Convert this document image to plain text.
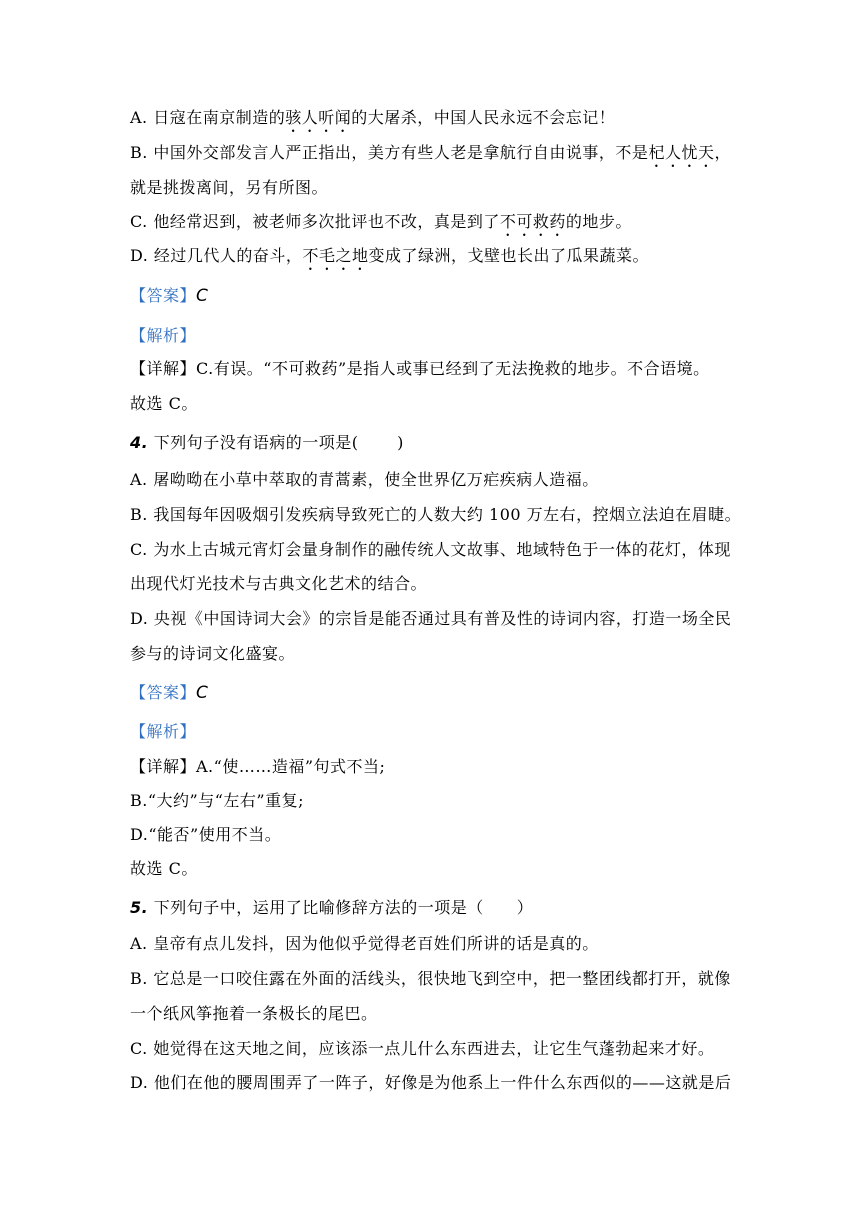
A. 日寇在南京制造的骇人听闻的大屠杀，中国人民永远不会忘记！
B. 中国外交部发言人严正指出，美方有些人老是拿航行自由说事，不是杞人忧天，
就是挑拨离间，另有所图。
C. 他经常迟到，被老师多次批评也不改，真是到了不可救药的地步。
D. 经过几代人的奋斗，不毛之地变成了绿洲，戈壁也长出了瓜果蔬菜。
【答案】C
【解析】
【详解】C.有误。“不可救药”是指人或事已经到了无法挽救的地步。不合语境。
故选 C。
4. 下列句子没有语病的一项是(　　 )
A. 屠呦呦在小草中萃取的青蒿素，使全世界亿万疟疾病人造福。
B. 我国每年因吸烟引发疾病导致死亡的人数大约 100 万左右，控烟立法迫在眉睫。
C. 为水上古城元宵灯会量身制作的融传统人文故事、地域特色于一体的花灯，体现
出现代灯光技术与古典文化艺术的结合。
D. 央视《中国诗词大会》的宗旨是能否通过具有普及性的诗词内容，打造一场全民
参与的诗词文化盛宴。
【答案】C
【解析】
【详解】A.“使……造福”句式不当;
B.“大约”与“左右”重复;
D.“能否”使用不当。
故选 C。
5. 下列句子中，运用了比喻修辞方法的一项是（　　）
A. 皇帝有点儿发抖，因为他似乎觉得老百姓们所讲的话是真的。
B. 它总是一口咬住露在外面的活线头，很快地飞到空中，把一整团线都打开，就像
一个纸风筝拖着一条极长的尾巴。
C. 她觉得在这天地之间，应该添一点儿什么东西进去，让它生气蓬勃起来才好。
D. 他们在他的腰周围弄了一阵子，好像是为他系上一件什么东西似的——这就是后
